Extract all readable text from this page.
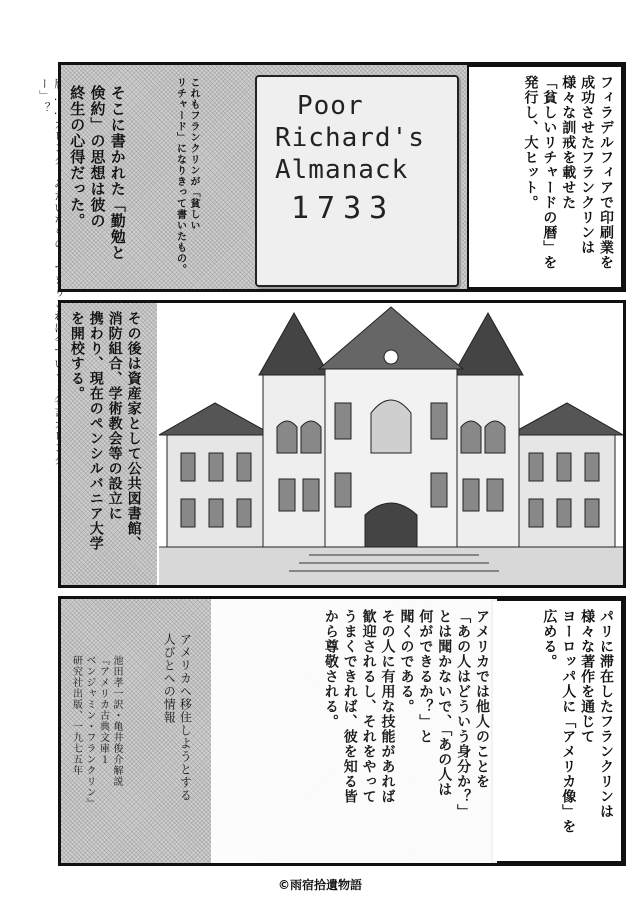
りこ ー」？	フィラデルフィアで印刷業を
成功させたフランクリンは
様々な訓戒を載せた
「貧しいリチャードの暦」を
発行し、大ヒット。
Poor
Richard's
Almanack
1733
これもフランクリンが「貧しい
リチャード」になりきって書いたもの。
そこに書かれた「勤勉と
倹約」の思想は彼の
終生の心得だった。
その後は資産家として公共図書館、
消防組合、学術教会等の設立に
携わり、現在のペンシルバニア大学
を開校する。
パリに滞在したフランクリンは
様々な著作を通じて
ヨーロッパ人に「アメリカ像」を
広める。
アメリカでは他人のことを
「あの人はどういう身分か？」
とは聞かないで、「あの人は
何ができるか？」と
聞くのである。
その人に有用な技能があれば
歓迎されるし、それをやって
うまくできれば、彼を知る皆
から尊敬される。
アメリカへ移住しようとする
人びとへの情報
池田孝一訳・亀井俊介解説
『アメリカ古典文庫１
ベンジャミン・フランクリン』
研究社出版、一九七五年
©雨宿拾遺物語
